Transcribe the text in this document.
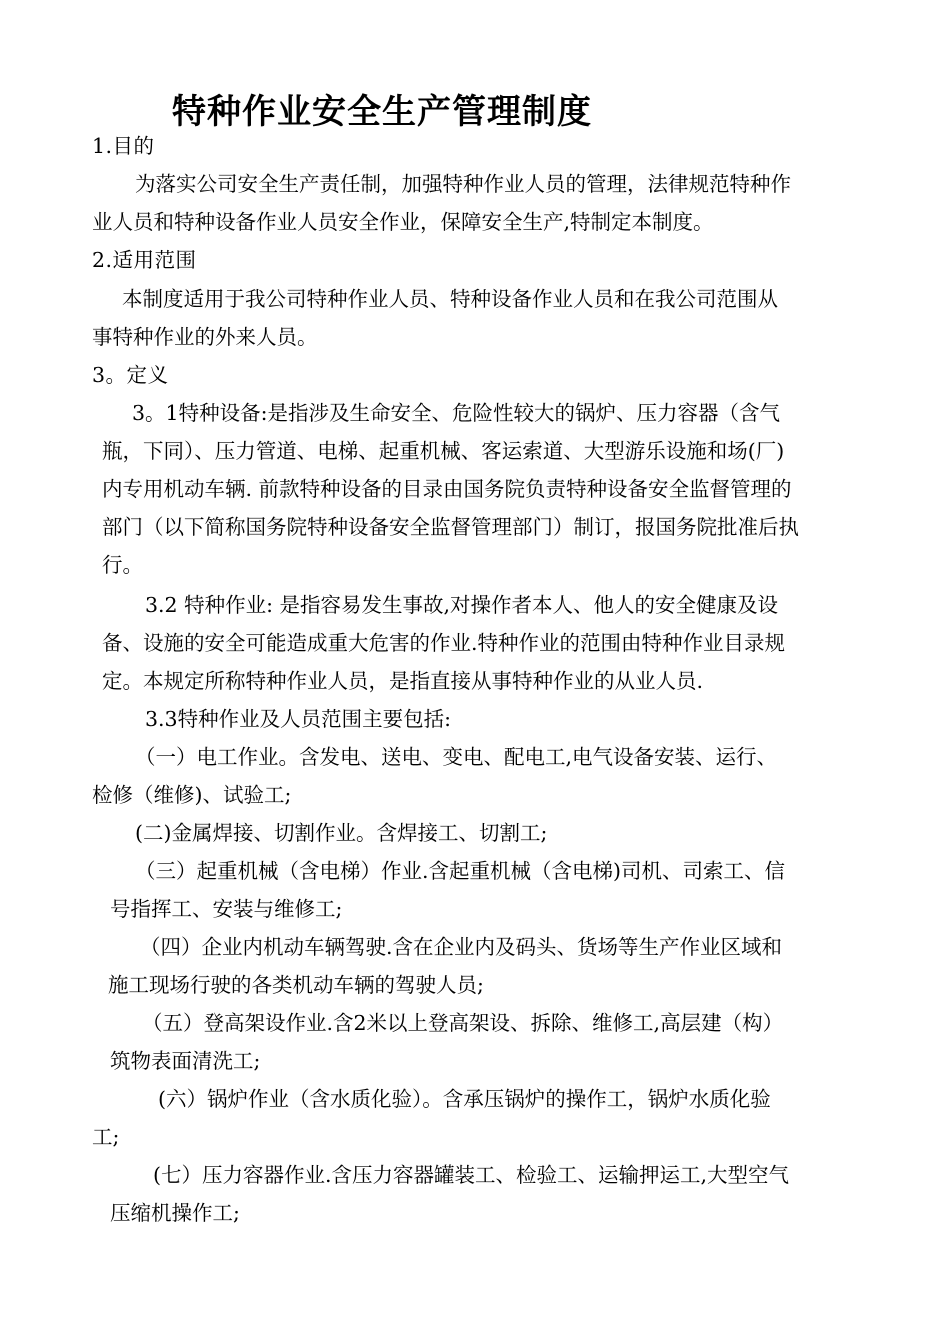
特种作业安全生产管理制度
1.目的
为落实公司安全生产责任制，加强特种作业人员的管理，法律规范特种作
业人员和特种设备作业人员安全作业，保障安全生产,特制定本制度。
2.适用范围
本制度适用于我公司特种作业人员、特种设备作业人员和在我公司范围从
事特种作业的外来人员。
3。定义
3。1特种设备:是指涉及生命安全、危险性较大的锅炉、压力容器（含气
瓶，下同）、压力管道、电梯、起重机械、客运索道、大型游乐设施和场(厂)
内专用机动车辆. 前款特种设备的目录由国务院负责特种设备安全监督管理的
部门（以下简称国务院特种设备安全监督管理部门）制订，报国务院批准后执
行。
3.2 特种作业: 是指容易发生事故,对操作者本人、他人的安全健康及设
备、设施的安全可能造成重大危害的作业.特种作业的范围由特种作业目录规
定。本规定所称特种作业人员，是指直接从事特种作业的从业人员.
3.3特种作业及人员范围主要包括:
（一）电工作业。含发电、送电、变电、配电工,电气设备安装、运行、
检修（维修)、试验工;
(二)金属焊接、切割作业。含焊接工、切割工;
（三）起重机械（含电梯）作业.含起重机械（含电梯)司机、司索工、信
号指挥工、安装与维修工;
（四）企业内机动车辆驾驶.含在企业内及码头、货场等生产作业区域和
施工现场行驶的各类机动车辆的驾驶人员;
（五）登高架设作业.含2米以上登高架设、拆除、维修工,高层建（构）
筑物表面清洗工;
(六）锅炉作业（含水质化验）。含承压锅炉的操作工，锅炉水质化验
工;
(七）压力容器作业.含压力容器罐装工、检验工、运输押运工,大型空气
压缩机操作工;
